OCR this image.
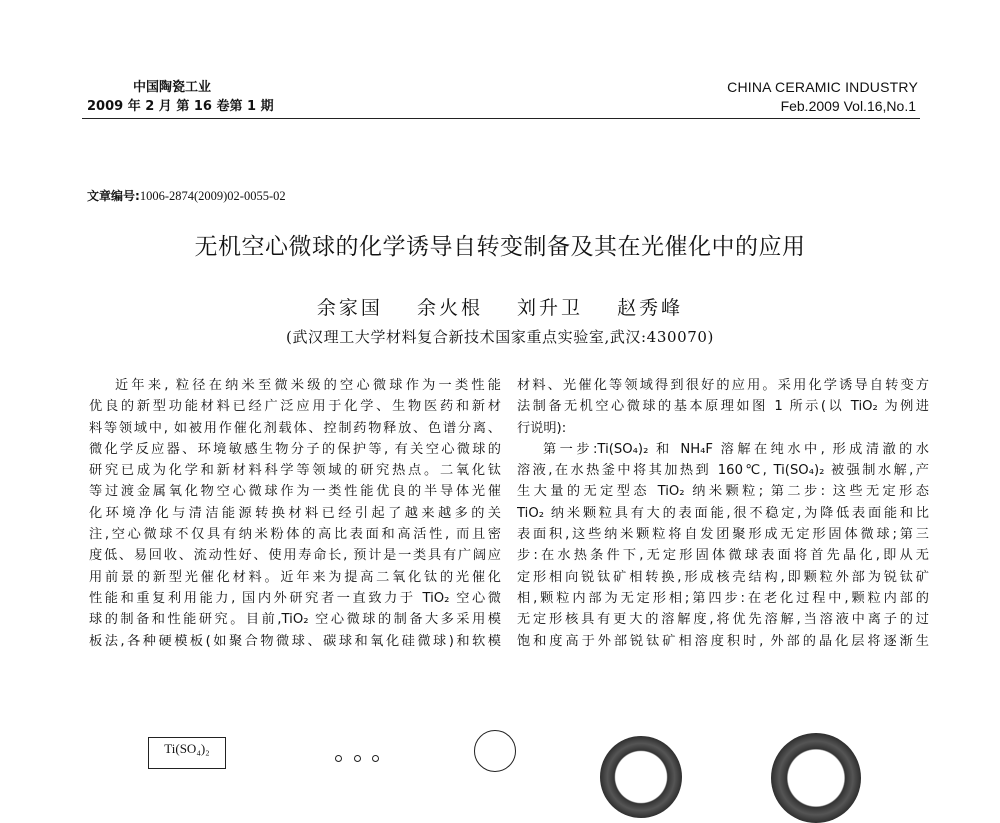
中国陶瓷工业
2009 年 2 月 第 16 卷第 1 期
CHINA CERAMIC INDUSTRY
Feb.2009 Vol.16,No.1
文章编号:1006-2874(2009)02-0055-02
无机空心微球的化学诱导自转变制备及其在光催化中的应用
余家国 余火根 刘升卫 赵秀峰
(武汉理工大学材料复合新技术国家重点实验室,武汉:430070)
近年来, 粒径在纳米至微米级的空心微球作为一类性能
优良的新型功能材料已经广泛应用于化学、生物医药和新材
料等领域中, 如被用作催化剂载体、控制药物释放、色谱分离、
微化学反应器、环境敏感生物分子的保护等, 有关空心微球的
研究已成为化学和新材料科学等领域的研究热点。二氧化钛
等过渡金属氧化物空心微球作为一类性能优良的半导体光催
化环境净化与清洁能源转换材料已经引起了越来越多的关
注,空心微球不仅具有纳米粉体的高比表面和高活性, 而且密
度低、易回收、流动性好、使用寿命长, 预计是一类具有广阔应
用前景的新型光催化材料。近年来为提高二氧化钛的光催化
性能和重复利用能力, 国内外研究者一直致力于 TiO₂ 空心微
球的制备和性能研究。目前,TiO₂ 空心微球的制备大多采用模
板法,各种硬模板(如聚合物微球、碳球和氧化硅微球)和软模
材料、光催化等领域得到很好的应用。采用化学诱导自转变方
法制备无机空心微球的基本原理如图 1 所示(以 TiO₂ 为例进
行说明):
第一步:Ti(SO₄)₂ 和 NH₄F 溶解在纯水中, 形成清澈的水
溶液,在水热釜中将其加热到 160℃, Ti(SO₄)₂ 被强制水解,产
生大量的无定型态 TiO₂ 纳米颗粒; 第二步: 这些无定形态
TiO₂ 纳米颗粒具有大的表面能,很不稳定,为降低表面能和比
表面积,这些纳米颗粒将自发团聚形成无定形固体微球;第三
步:在水热条件下,无定形固体微球表面将首先晶化,即从无
定形相向锐钛矿相转换,形成核壳结构,即颗粒外部为锐钛矿
相,颗粒内部为无定形相;第四步:在老化过程中,颗粒内部的
无定形核具有更大的溶解度,将优先溶解,当溶液中离子的过
饱和度高于外部锐钛矿相溶度积时, 外部的晶化层将逐渐生
Ti(SO₄)₂
